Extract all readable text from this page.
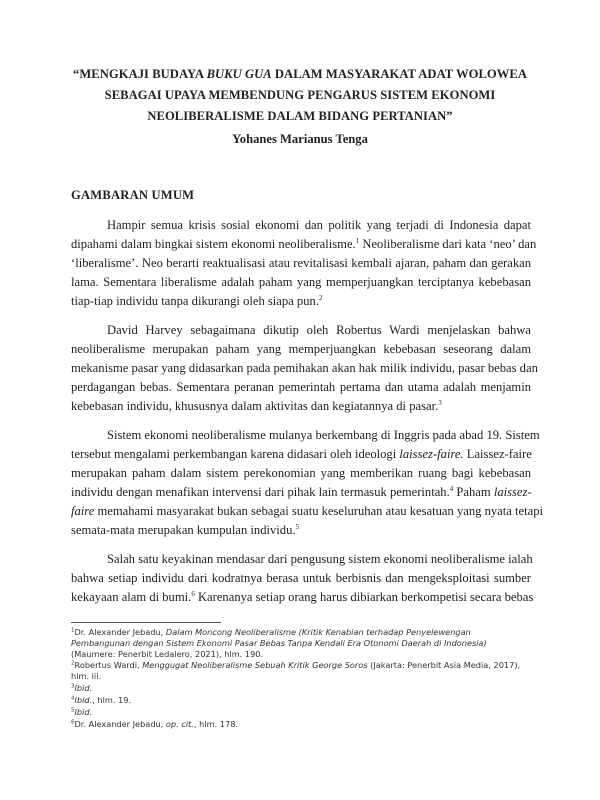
“MENGKAJI BUDAYA BUKU GUA DALAM MASYARAKAT ADAT WOLOWEA
SEBAGAI UPAYA MEMBENDUNG PENGARUS SISTEM EKONOMI
NEOLIBERALISME DALAM BIDANG PERTANIAN”
Yohanes Marianus Tenga
GAMBARAN UMUM
Hampir semua krisis sosial ekonomi dan politik yang terjadi di Indonesia dapat
dipahami dalam bingkai sistem ekonomi neoliberalisme.$^1$ Neoliberalisme dari kata ‘neo’ dan
‘liberalisme’. Neo berarti reaktualisasi atau revitalisasi kembali ajaran, paham dan gerakan
lama. Sementara liberalisme adalah paham yang memperjuangkan terciptanya kebebasan
tiap-tiap individu tanpa dikurangi oleh siapa pun.$^2$
David Harvey sebagaimana dikutip oleh Robertus Wardi menjelaskan bahwa
neoliberalisme merupakan paham yang memperjuangkan kebebasan seseorang dalam
mekanisme pasar yang didasarkan pada pemihakan akan hak milik individu, pasar bebas dan
perdagangan bebas. Sementara peranan pemerintah pertama dan utama adalah menjamin
kebebasan individu, khususnya dalam aktivitas dan kegiatannya di pasar.$^3$
Sistem ekonomi neoliberalisme mulanya berkembang di Inggris pada abad 19. Sistem
tersebut mengalami perkembangan karena didasari oleh ideologi laissez-faire. Laissez-faire
merupakan paham dalam sistem perekonomian yang memberikan ruang bagi kebebasan
individu dengan menafikan intervensi dari pihak lain termasuk pemerintah.$^4$ Paham laissez-
faire memahami masyarakat bukan sebagai suatu keseluruhan atau kesatuan yang nyata tetapi
semata-mata merupakan kumpulan individu.$^5$
Salah satu keyakinan mendasar dari pengusung sistem ekonomi neoliberalisme ialah
bahwa setiap individu dari kodratnya berasa untuk berbisnis dan mengeksploitasi sumber
kekayaan alam di bumi.$^6$ Karenanya setiap orang harus dibiarkan berkompetisi secara bebas
$^1$Dr. Alexander Jebadu, Dalam Moncong Neoliberalisme (Kritik Kenabian terhadap Penyelewengan
Pembangunan dengan Sistem Ekonomi Pasar Bebas Tanpa Kendali Era Otonomi Daerah di Indonesia)
(Maumere: Penerbit Ledalero, 2021), hlm. 190.
$^2$Robertus Wardi, Menggugat Neoliberalisme Sebuah Kritik George Soros (Jakarta: Penerbit Asia Media, 2017),
hlm. iii.
$^3$Ibid.
$^4$Ibid., hlm. 19.
$^5$Ibid.
$^6$Dr. Alexander Jebadu, op. cit., hlm. 178.
